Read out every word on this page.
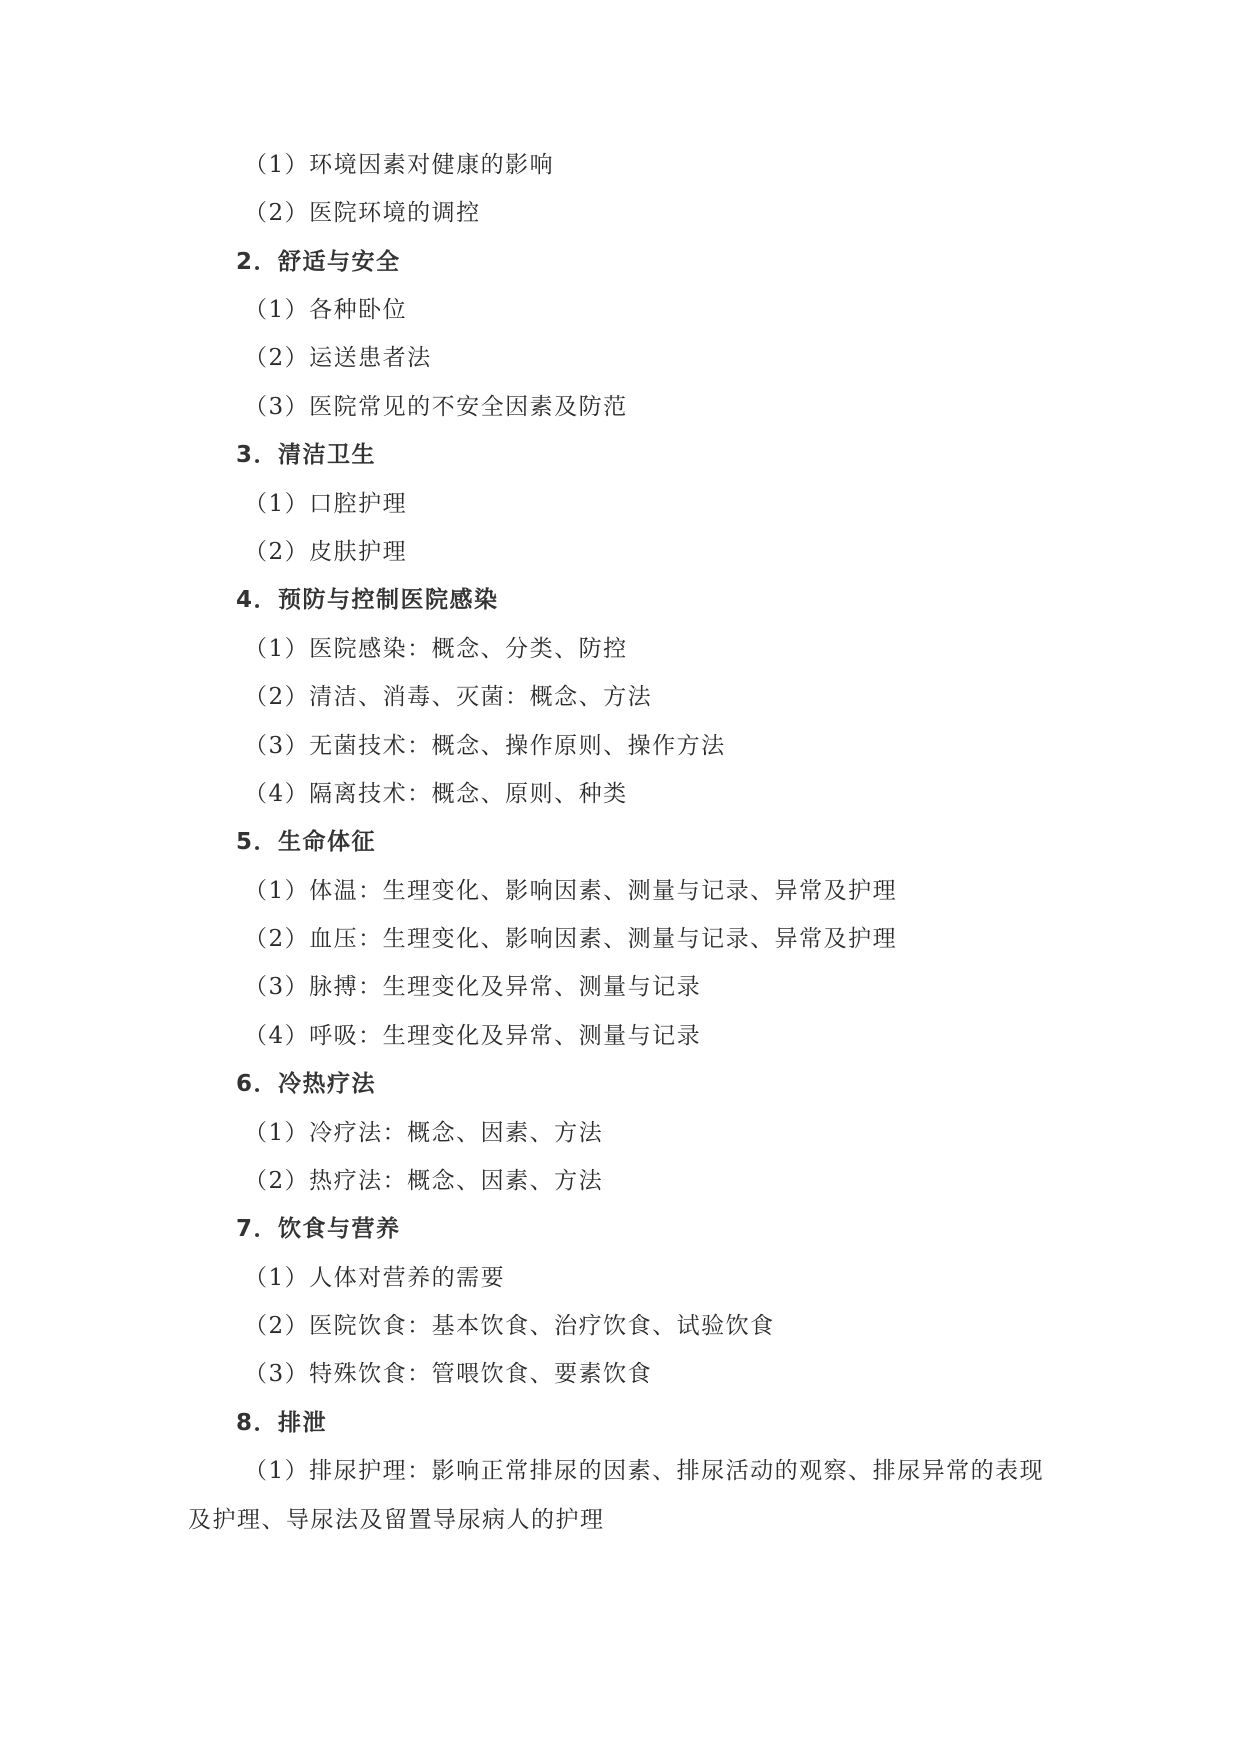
（1）环境因素对健康的影响
（2）医院环境的调控
2．舒适与安全
（1）各种卧位
（2）运送患者法
（3）医院常见的不安全因素及防范
3．清洁卫生
（1）口腔护理
（2）皮肤护理
4．预防与控制医院感染
（1）医院感染：概念、分类、防控
（2）清洁、消毒、灭菌：概念、方法
（3）无菌技术：概念、操作原则、操作方法
（4）隔离技术：概念、原则、种类
5．生命体征
（1）体温：生理变化、影响因素、测量与记录、异常及护理
（2）血压：生理变化、影响因素、测量与记录、异常及护理
（3）脉搏：生理变化及异常、测量与记录
（4）呼吸：生理变化及异常、测量与记录
6．冷热疗法
（1）冷疗法：概念、因素、方法
（2）热疗法：概念、因素、方法
7．饮食与营养
（1）人体对营养的需要
（2）医院饮食：基本饮食、治疗饮食、试验饮食
（3）特殊饮食：管喂饮食、要素饮食
8．排泄
（1）排尿护理：影响正常排尿的因素、排尿活动的观察、排尿异常的表现
及护理、导尿法及留置导尿病人的护理
